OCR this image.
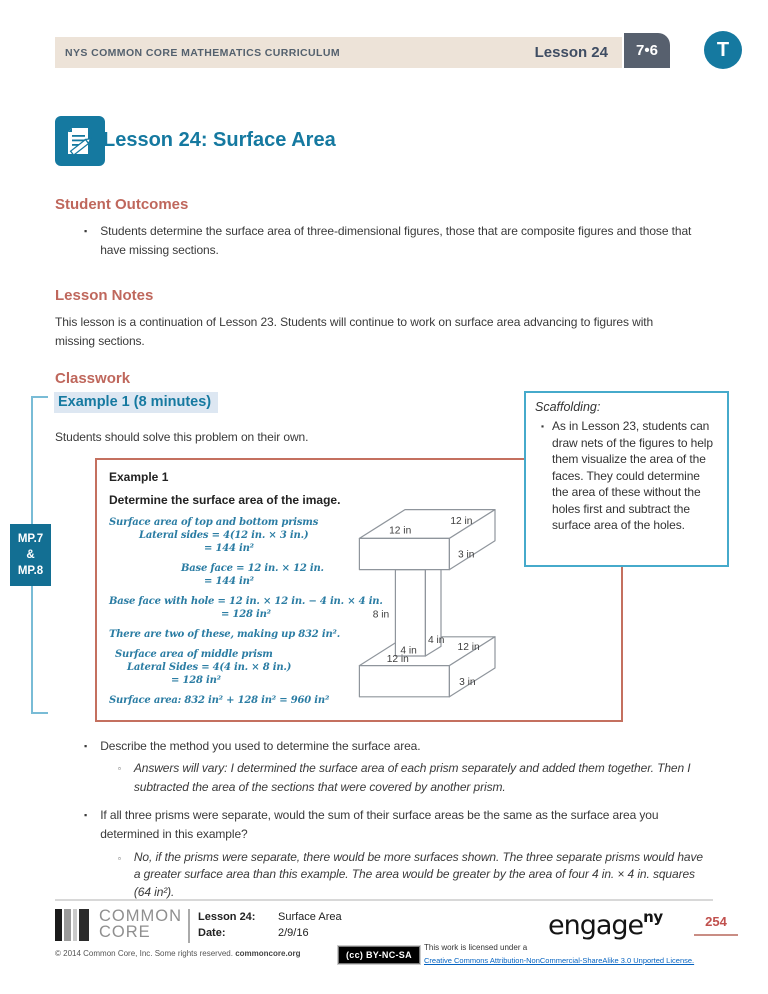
NYS COMMON CORE MATHEMATICS CURRICULUM	Lesson 24	7•6	T
Lesson 24: Surface Area
Student Outcomes
▪ Students determine the surface area of three-dimensional figures, those that are composite figures and those that have missing sections.
Lesson Notes
This lesson is a continuation of Lesson 23. Students will continue to work on surface area advancing to figures with missing sections.
Classwork
Example 1 (8 minutes)
Students should solve this problem on their own.
MP.7
&
MP.8
Scaffolding:
▪ As in Lesson 23, students can draw nets of the figures to help them visualize the area of the faces. They could determine the area of these without the holes first and subtract the surface area of the holes.
Example 1
Determine the surface area of the image.
Surface area of top and bottom prisms
Lateral sides = 4(12 in. × 3 in.)
= 144 in²
Base face = 12 in. × 12 in.
= 144 in²
Base face with hole = 12 in. × 12 in. − 4 in. × 4 in.
= 128 in²
There are two of these, making up 832 in².
Surface area of middle prism
Lateral Sides = 4(4 in. × 8 in.)
= 128 in²
Surface area: 832 in² + 128 in² = 960 in²
12 in
12 in
3 in
8 in
4 in
4 in	12 in
12 in
3 in
▪ Describe the method you used to determine the surface area.
▫ Answers will vary: I determined the surface area of each prism separately and added them together. Then I subtracted the area of the sections that were covered by another prism.
▪ If all three prisms were separate, would the sum of their surface areas be the same as the surface area you determined in this example?
▫ No, if the prisms were separate, there would be more surfaces shown. The three separate prisms would have a greater surface area than this example. The area would be greater by the area of four 4 in. × 4 in. squares (64 in²).
COMMON
CORE
Lesson 24: Surface Area
Date:	2/9/16	engage$^{ny}$	254
© 2014 Common Core, Inc. Some rights reserved. commoncore.org	(cc) BY-NC-SA
This work is licensed under a
Creative Commons Attribution-NonCommercial-ShareAlike 3.0 Unported License.
